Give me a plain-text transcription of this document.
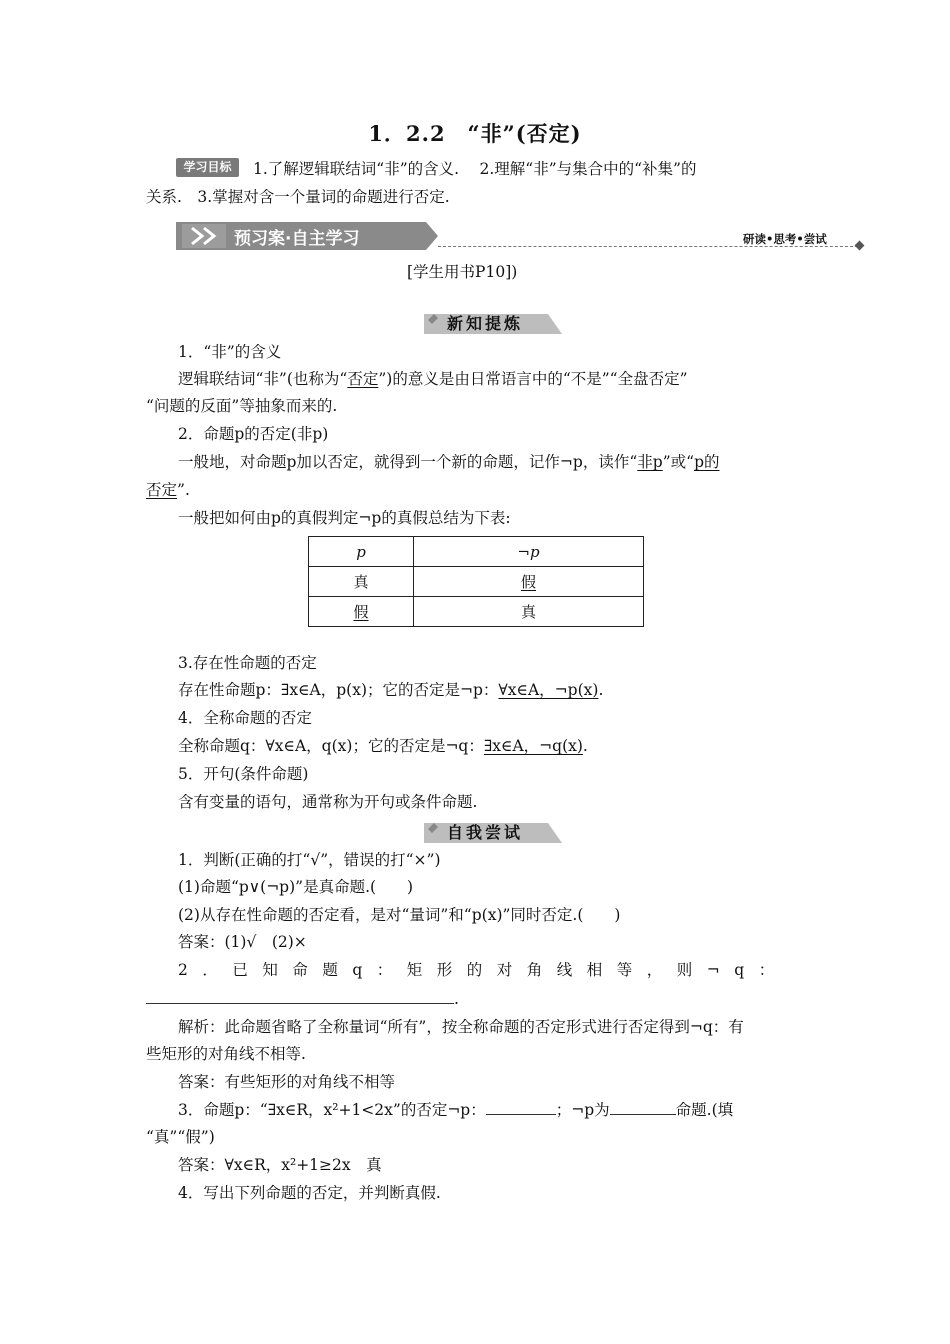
1．2.2　“非”(否定)
学习目标	1.了解逻辑联结词“非”的含义.　 2.理解“非”与集合中的“补集”的
关系.　3.掌握对含一个量词的命题进行否定.
预习案·自主学习	研读•思考•尝试
[学生用书P10])
新知提炼
1．“非”的含义
逻辑联结词“非”(也称为“否定”)的意义是由日常语言中的“不是”“全盘否定”
“问题的反面”等抽象而来的.
2．命题p的否定(非p)
一般地，对命题p加以否定，就得到一个新的命题，记作¬p，读作“非p”或“p的
否定”.
一般把如何由p的真假判定¬p的真假总结为下表:
p	¬p
真	假
假	真
3.存在性命题的否定
存在性命题p：∃x∈A，p(x)；它的否定是¬p：∀x∈A，¬p(x).
4．全称命题的否定
全称命题q：∀x∈A，q(x)；它的否定是¬q：∃x∈A，¬q(x).
5．开句(条件命题)
含有变量的语句，通常称为开句或条件命题.
自我尝试
1．判断(正确的打“√”，错误的打“×”)
(1)命题“p∨(¬p)”是真命题.(　　)
(2)从存在性命题的否定看，是对“量词”和“p(x)”同时否定.(　　)
答案：(1)√　(2)×
2．已知命题q：矩形的对角线相等，则¬q：
.
解析：此命题省略了全称量词“所有”，按全称命题的否定形式进行否定得到¬q：有
些矩形的对角线不相等.
答案：有些矩形的对角线不相等
3．命题p：“∃x∈R，x²+1<2x”的否定¬p：	；¬p为	命题.(填
“真”“假”)
答案：∀x∈R，x²+1≥2x　真
4．写出下列命题的否定，并判断真假.
